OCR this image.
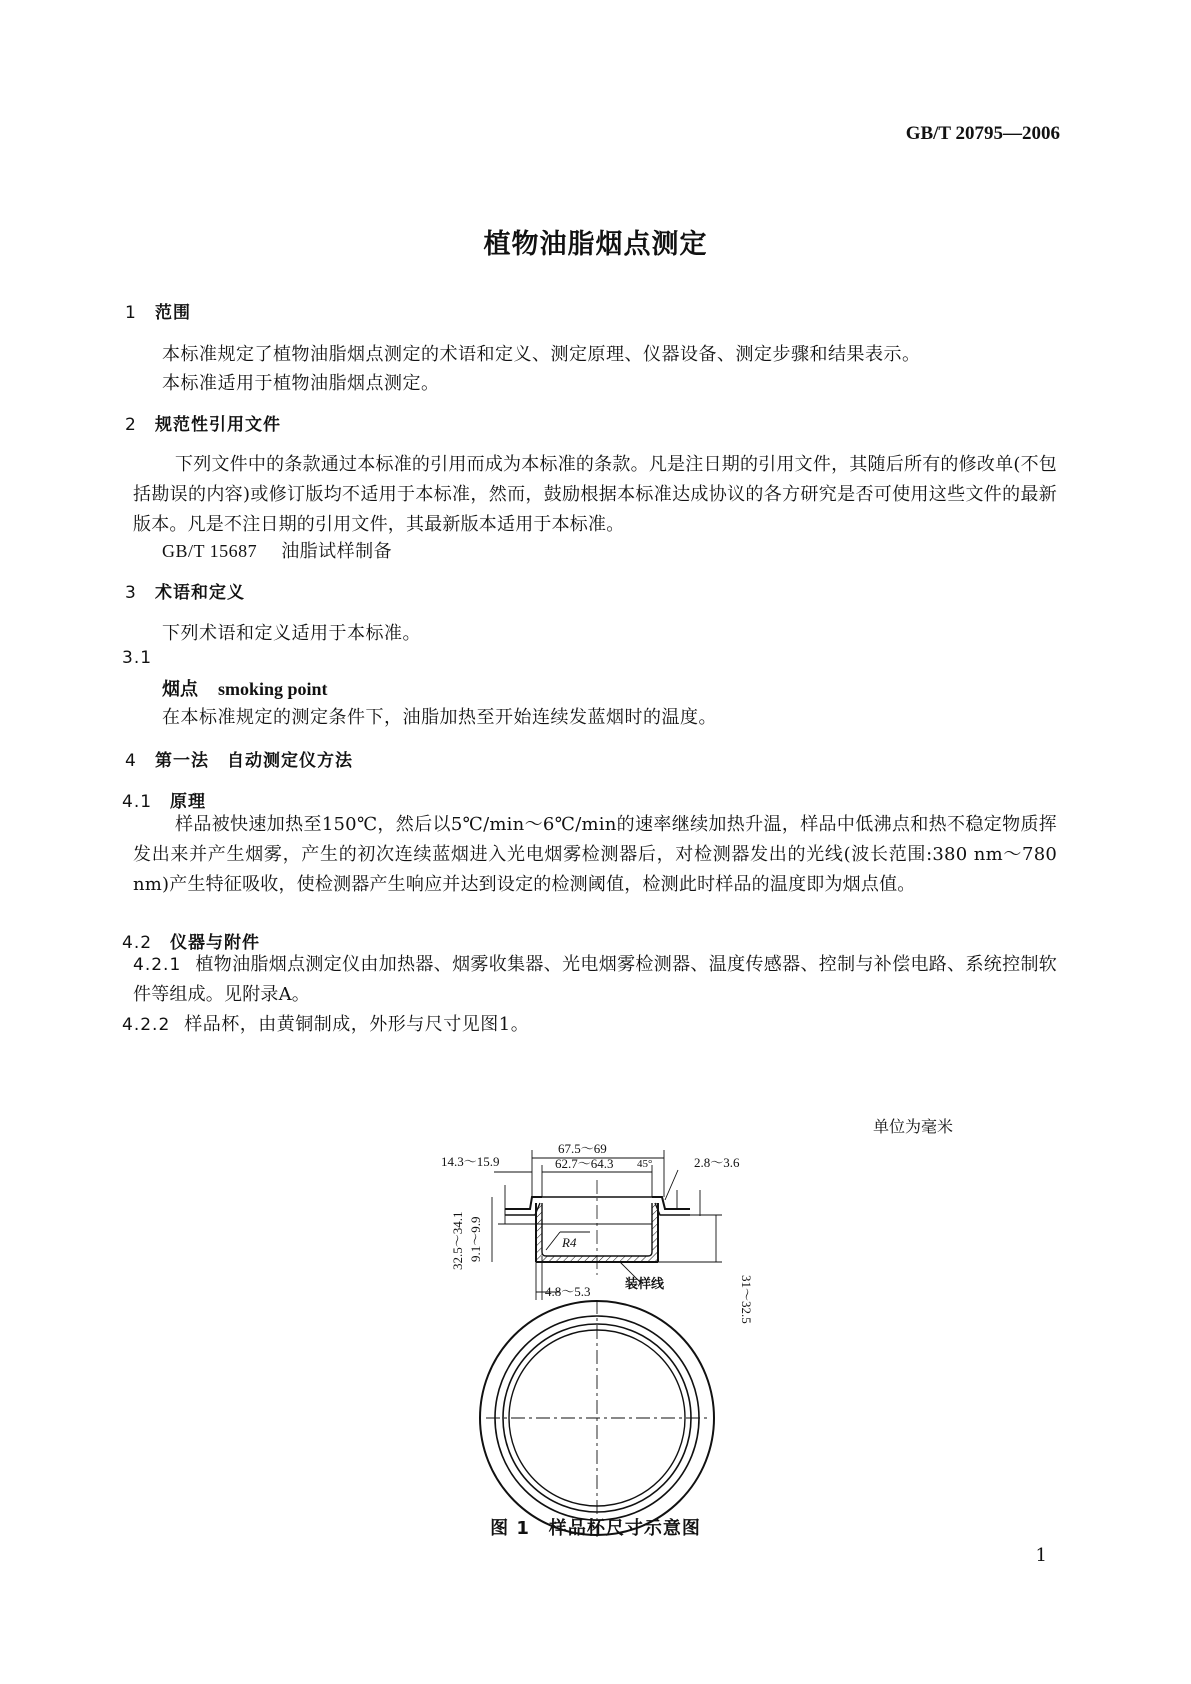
GB/T 20795—2006
植物油脂烟点测定
1 范围
本标准规定了植物油脂烟点测定的术语和定义、测定原理、仪器设备、测定步骤和结果表示。
本标准适用于植物油脂烟点测定。
2 规范性引用文件
下列文件中的条款通过本标准的引用而成为本标准的条款。凡是注日期的引用文件，其随后所有的修改单(不包括勘误的内容)或修订版均不适用于本标准，然而，鼓励根据本标准达成协议的各方研究是否可使用这些文件的最新版本。凡是不注日期的引用文件，其最新版本适用于本标准。
GB/T 15687 油脂试样制备
3 术语和定义
下列术语和定义适用于本标准。
3.1
烟点 smoking point
在本标准规定的测定条件下，油脂加热至开始连续发蓝烟时的温度。
4 第一法　自动测定仪方法
4.1 原理
样品被快速加热至150℃，然后以5℃/min～6℃/min的速率继续加热升温，样品中低沸点和热不稳定物质挥发出来并产生烟雾，产生的初次连续蓝烟进入光电烟雾检测器后，对检测器发出的光线(波长范围:380 nm～780 nm)产生特征吸收，使检测器产生响应并达到设定的检测阈值，检测此时样品的温度即为烟点值。
4.2 仪器与附件
4.2.1 植物油脂烟点测定仪由加热器、烟雾收集器、光电烟雾检测器、温度传感器、控制与补偿电路、系统控制软件等组成。见附录A。
4.2.2 样品杯，由黄铜制成，外形与尺寸见图1。
单位为毫米
67.5～69
62.7～64.3 45°
14.3～15.9	2.8～3.6
32.5～34.1 9.1～9.9
31～32.5
R4
4.8～5.3
装样线
图 1　样品杯尺寸示意图
1
